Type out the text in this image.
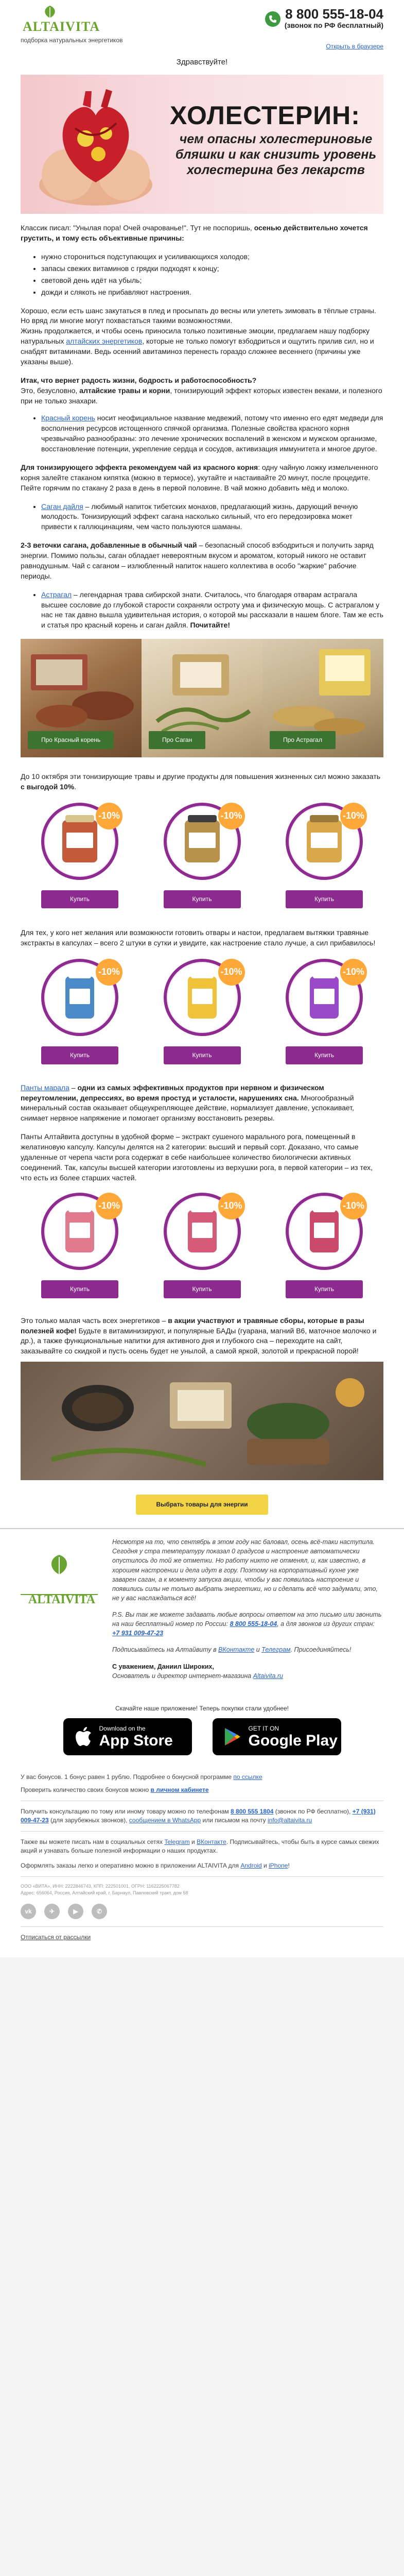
ALTAIVITA
подборка натуральных энергетиков
8 800 555-18-04
(звонок по РФ бесплатный)
Открыть в браузере
Здравствуйте!
ХОЛЕСТЕРИН:
чем опасны холестериновые бляшки и как снизить уровень холестерина без лекарств

Классик писал: "Унылая пора! Очей очарованье!". Тут не поспоришь, осенью действительно хочется грустить, и тому есть объективные причины:

• нужно сторонитьcя подступающих и усиливающихся холодов;
• запасы свежих витаминов с грядки подходят к концу;
• световой день идёт на убыль;
• дожди и слякоть не прибавляют настроения.

Хорошо, если есть шанс закутаться в плед и просыпать до весны или улететь зимовать в тёплые страны. Но вряд ли многие могут похвастаться такими возможностями.

Жизнь продолжается, и чтобы осень приносила только позитивные эмоции, предлагаем нашу подборку натуральных алтайских энергетиков, которые не только помогут взбодриться и ощутить прилив сил, но и снабдят витаминами. Ведь осенний авитаминоз перенесть гораздо сложнее весеннего (причины уже указаны выше).

Итак, что вернет радость жизни, бодрость и работоспособность?
Это, безусловно, алтайские травы и корни, тонизирующий эффект которых известен веками, и полезного при не только знахари.

• Красный корень носит неофициальное название медвежий, потому что именно его едят медведи для восполнения ресурсов истощенного спячкой организма. Полезные свойства красного корня чрезвычайно разнообразны: это лечение хронических воспалений в женском и мужском организме, восстановление потенции, укрепление сердца и сосудов, активизация иммунитета и многое другое.

Для тонизирующего эффекта рекомендуем чай из красного корня: одну чайную ложку измельченного корня залейте стаканом кипятка (можно в термосе), укутайте и настаивайте 20 минут, после процедите. Пейте горячим по стакану 2 раза в день в первой половине. В чай можно добавить мёд и молоко.

• Саган дайля – любимый напиток тибетских монахов, предлагающий жизнь, дарующий вечную молодость. Тонизирующий эффект сагана насколько сильный, что его передозировка может привести к галлюцинациям, чем часто пользуются шаманы.

2-3 веточки сагана, добавленные в обычный чай – безопасный способ взбодриться и получить заряд энергии. Помимо пользы, саган обладает невероятным вкусом и ароматом, который никого не оставит равнодушным. Чай с саганом – излюбленный напиток нашего коллектива в особо "жаркие" рабочие периоды.

• Астрагал – легендарная трава сибирской знати. Считалось, что благодаря отварам астрагала высшее сословие до глубокой старости сохраняли остроту ума и физическую мощь. С астрагалом у нас не так давно вышла удивительная история, о которой мы рассказали в нашем блоге. Там же есть и статья про красный корень и саган дайля. Почитайте!
Про Красный корень	Про Саган	Про Астрагал
До 10 октября эти тонизирующие травы и другие продукты для повышения жизненных сил можно заказать с выгодой 10%.
-10%
Купить
-10%
Купить
-10%
Купить
Для тех, у кого нет желания или возможности готовить отвары и настои, предлагаем вытяжки травяные экстракты в капсулах – всего 2 штуки в сутки и увидите, как настроение стало лучше, а сил прибавилось!
-10%
Купить
-10%
Купить
-10%
Купить

Панты марала – одни из самых эффективных продуктов при нервном и физическом переутомлении, депрессиях, во время простуд и усталости, нарушениях сна. Многообразный минеральный состав оказывает общеукрепляющее действие, нормализует давление, успокаивает, снимает нервное напряжение и помогает организму восстановить резервы.

Панты Алтайвита доступны в удобной форме – экстракт сушеного марального рога, помещенный в желатиновую капсулу. Капсулы делятся на 2 категории: высший и первый сорт. Доказано, что самые удаленные от черепа части рога содержат в себе наибольшее количество биологически активных соединений. Так, капсулы высшей категории изготовлены из верхушки рога, в первой категории – из тех, что есть из более старших частей.

-10%
Купить
-10%
Купить
-10%
Купить

Это только малая часть всех энергетиков – в акции участвуют и травяные сборы, которые в разы полезней кофе! Будьте в витаминизируют, и популярные БАДы (гуарана, магний B6, маточное молочко и др.), а также функциональные напитки для активного дня и глубокого сна – переходите на сайт, заказывайте со скидкой и пусть осень будет не унылой, а самой яркой, золотой и прекрасной порой!

Выбрать товары для энергии
ALTAIVITA

Несмотря на то, что сентябрь в этом году нас баловал, осень всё-таки наступила. Сегодня у стра температуру показал 0 градусов и настроение автоматически опустилось до той же отметки. Но работу никто не отменял, и, как известно, в хорошем настроении и дела идут в гору. Поэтому на корпоративный кухне уже заварен саган, а к моменту запуска акции, чтобы у вас появилась настроение и появились силы не только выбрать энергетики, но и сделать всё что задумали, это, не у вас наслаждаться всё!

P.S. Вы так же можете задавать любые вопросы ответом на это письмо или звонить на наш бесплатный номер по России: 8 800 555-18-04, а для звонков из других стран: +7 931 009-47-23

Подписывайтесь на Алтайвиту в ВКонтакте и Телеграм. Присоединяйтесь!

С уважением, Даниил Широких,
Основатель и директор интернет-магазина Altaivita.ru

Скачайте наше приложение! Теперь покупки стали удобнее!
Download on the
App Store
GET IT ON
Google Play
У вас бонусов. 1 бонус равен 1 рублю. Подробнее о бонусной программе по ссылке
Проверить количество своих бонусов можно в личном кабинете
Получить консультацию по тому или иному товару можно по телефонам 8 800 555 1804 (звонок по РФ бесплатно), +7 (931) 009-47-23 (для зарубежных звонков), сообщением в WhatsApp или письмом на почту info@altaivita.ru
Также вы можете писать нам в социальных сетях Telegram и ВКонтакте. Подписывайтесь, чтобы быть в курсе самых свежих акций и узнавать больше полезной информации о наших продуктах.
Оформлять заказы легко и оперативно можно в приложении ALTAIVITA для Android и iPhone!
ООО «ВИТА», ИНН: 2222846743, КПП: 222501001, ОГРН: 1162225067782
Адрес: 656064, Россия, Алтайский край, г. Барнаул, Павловский тракт, дом 58
vk	✈	▶	✆
Отписаться от рассылки
